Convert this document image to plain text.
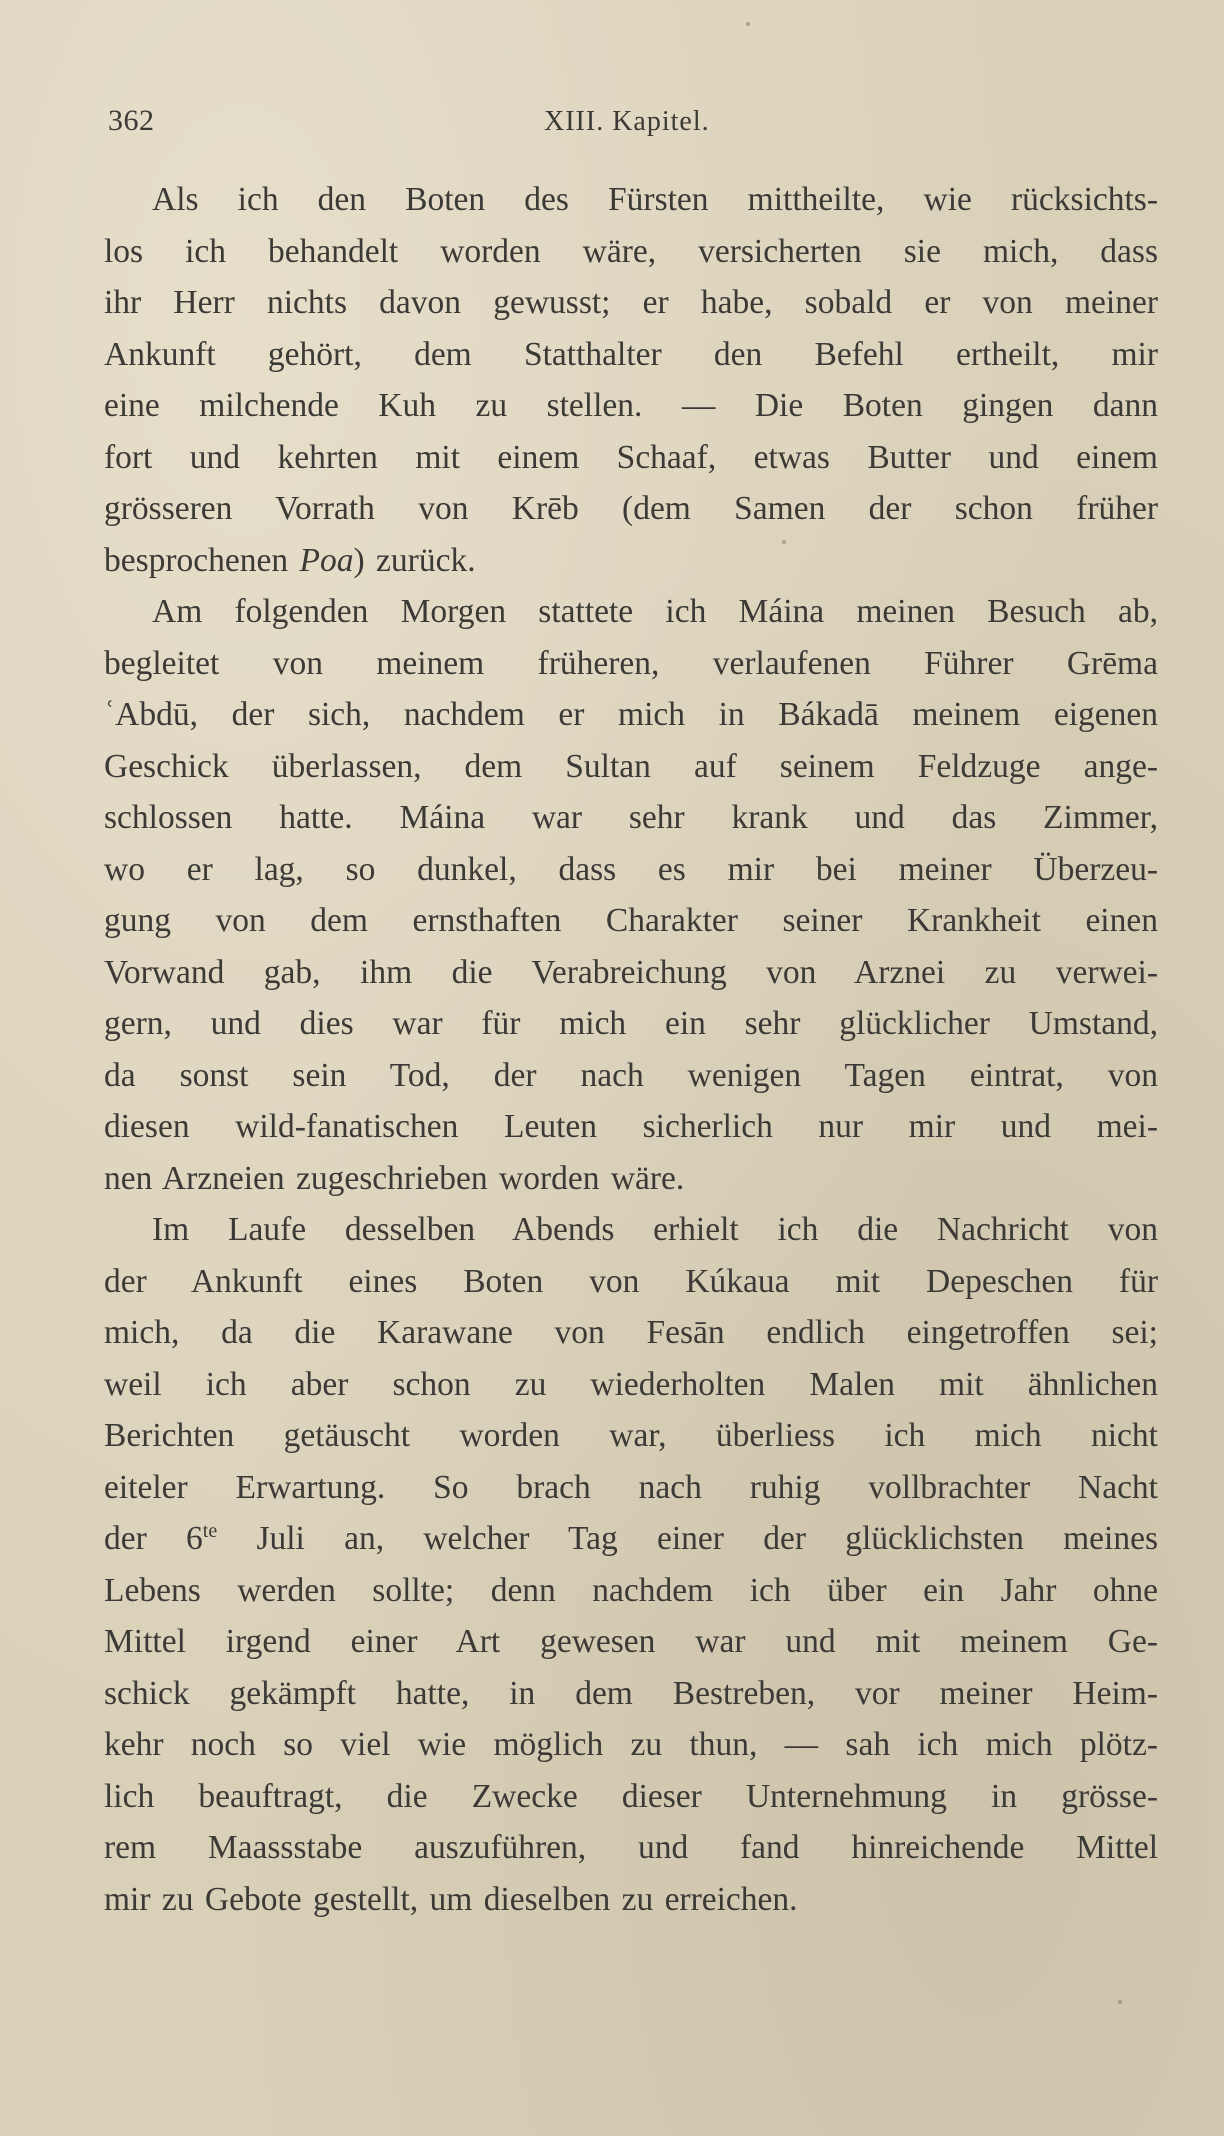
362	XIII. Kapitel.
Als ich den Boten des Fürsten mittheilte, wie rücksichts-
los ich behandelt worden wäre, versicherten sie mich, dass
ihr Herr nichts davon gewusst; er habe, sobald er von meiner
Ankunft gehört, dem Statthalter den Befehl ertheilt, mir
eine milchende Kuh zu stellen. — Die Boten gingen dann
fort und kehrten mit einem Schaaf, etwas Butter und einem
grösseren Vorrath von Krēb (dem Samen der schon früher
besprochenen Poa) zurück.
Am folgenden Morgen stattete ich Máina meinen Besuch ab,
begleitet von meinem früheren, verlaufenen Führer Grēma
ʿAbdū, der sich, nachdem er mich in Bákadā meinem eigenen
Geschick überlassen, dem Sultan auf seinem Feldzuge ange-
schlossen hatte. Máina war sehr krank und das Zimmer,
wo er lag, so dunkel, dass es mir bei meiner Überzeu-
gung von dem ernsthaften Charakter seiner Krankheit einen
Vorwand gab, ihm die Verabreichung von Arznei zu verwei-
gern, und dies war für mich ein sehr glücklicher Umstand,
da sonst sein Tod, der nach wenigen Tagen eintrat, von
diesen wild-fanatischen Leuten sicherlich nur mir und mei-
nen Arzneien zugeschrieben worden wäre.
Im Laufe desselben Abends erhielt ich die Nachricht von
der Ankunft eines Boten von Kúkaua mit Depeschen für
mich, da die Karawane von Fesān endlich eingetroffen sei;
weil ich aber schon zu wiederholten Malen mit ähnlichen
Berichten getäuscht worden war, überliess ich mich nicht
eiteler Erwartung. So brach nach ruhig vollbrachter Nacht
der $6^{te}$ Juli an, welcher Tag einer der glücklichsten meines
Lebens werden sollte; denn nachdem ich über ein Jahr ohne
Mittel irgend einer Art gewesen war und mit meinem Ge-
schick gekämpft hatte, in dem Bestreben, vor meiner Heim-
kehr noch so viel wie möglich zu thun, — sah ich mich plötz-
lich beauftragt, die Zwecke dieser Unternehmung in grösse-
rem Maassstabe auszuführen, und fand hinreichende Mittel
mir zu Gebote gestellt, um dieselben zu erreichen.
